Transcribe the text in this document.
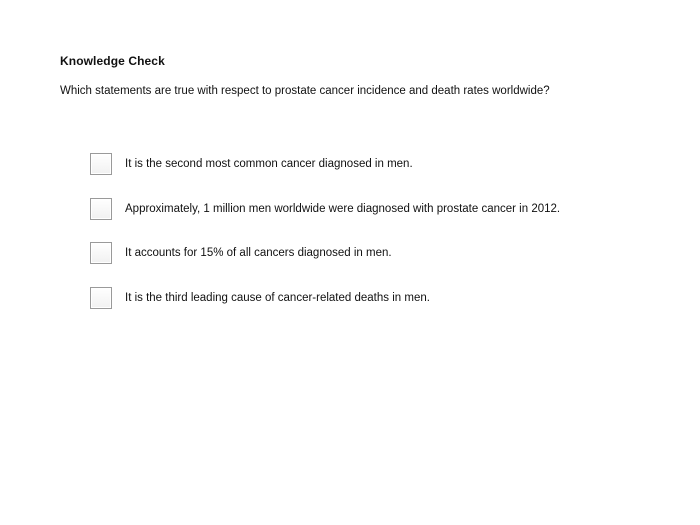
Knowledge Check
Which statements are true with respect to prostate cancer incidence and death rates worldwide?
It is the second most common cancer diagnosed in men.
Approximately, 1 million men worldwide were diagnosed with prostate cancer in 2012.
It accounts for 15% of all cancers diagnosed in men.
It is the third leading cause of cancer-related deaths in men.
